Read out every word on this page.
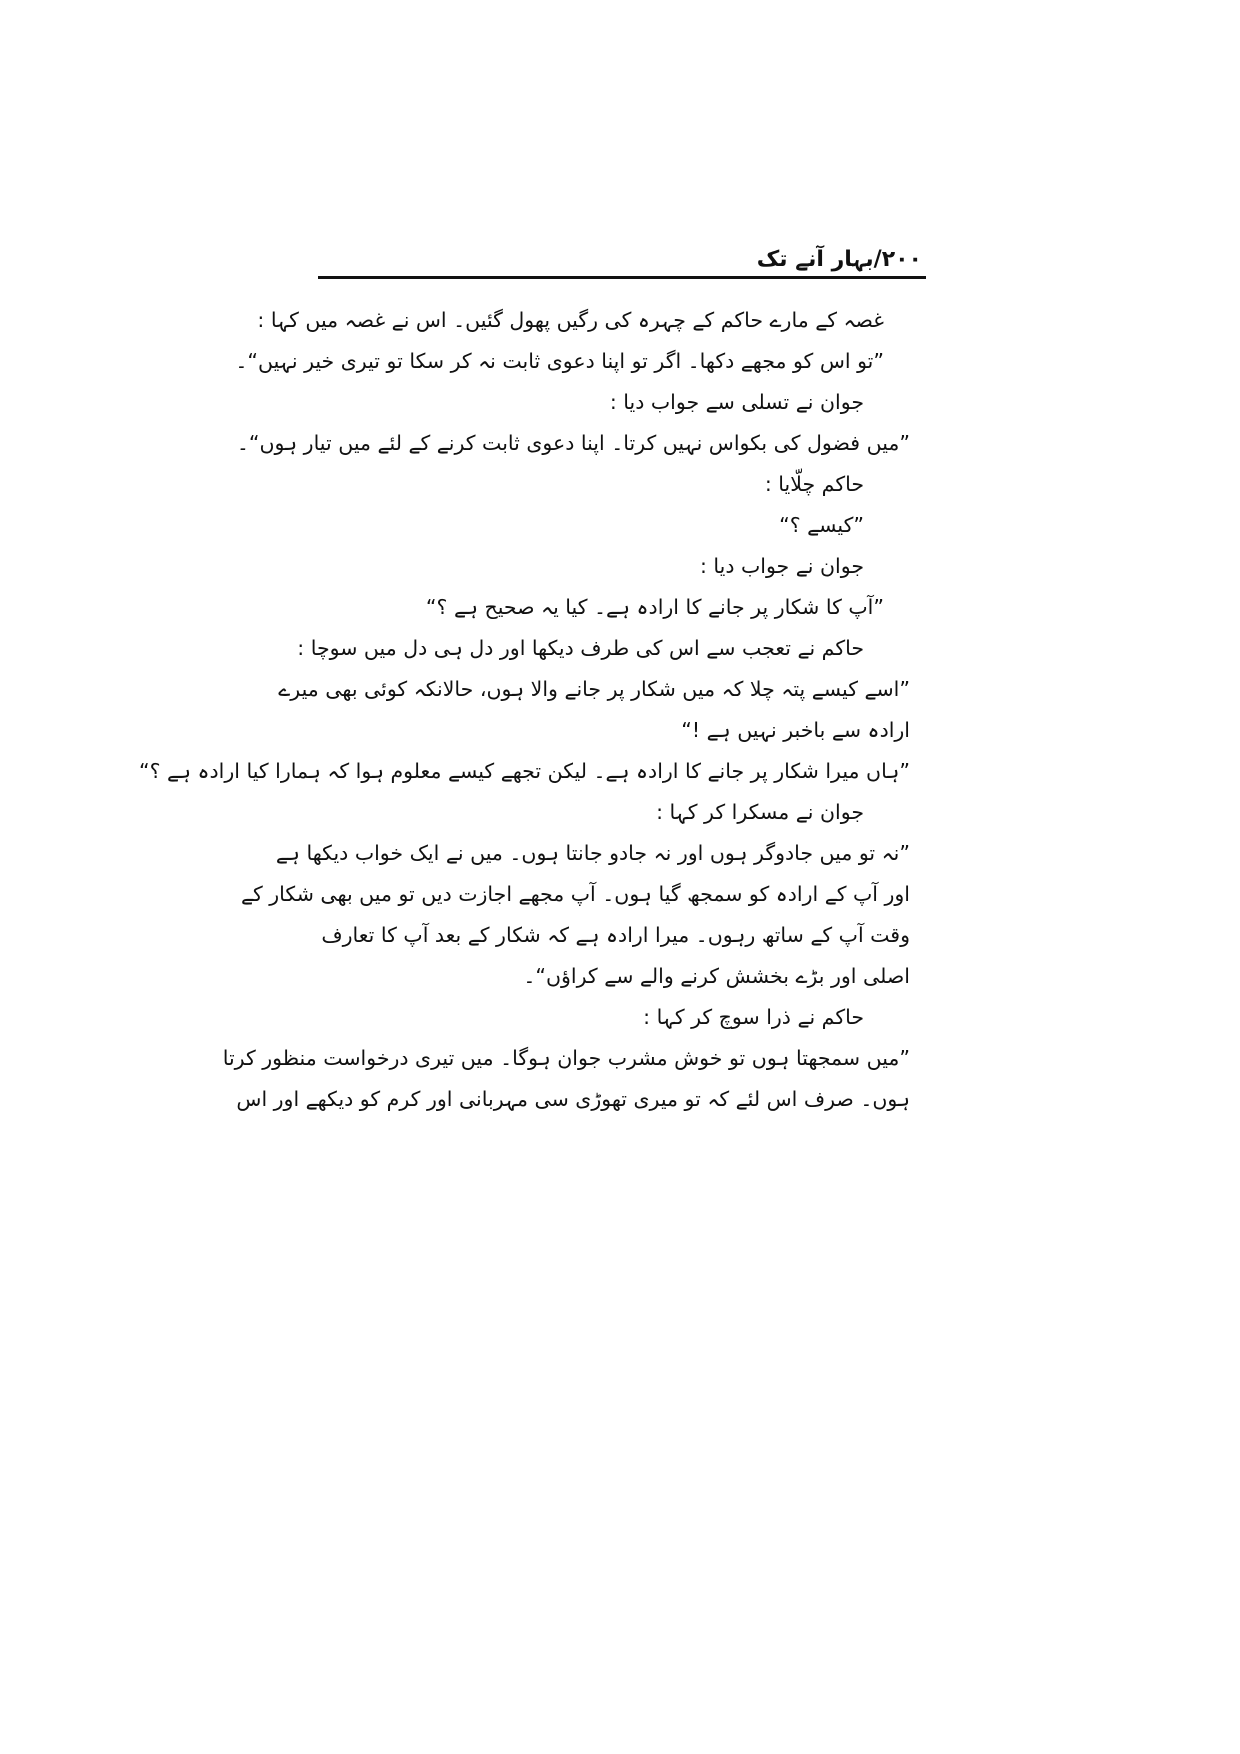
۲۰۰/بہار آنے تک
غصہ کے مارے حاکم کے چہرہ کی رگیں پھول گئیں۔ اس نے غصہ میں کہا :
”تو اس کو مجھے دکھا۔ اگر تو اپنا دعوی ثابت نہ کر سکا تو تیری خیر نہیں“۔
جوان نے تسلی سے جواب دیا :
”میں فضول کی بکواس نہیں کرتا۔ اپنا دعوی ثابت کرنے کے لئے میں تیار ہوں“۔
حاکم چلّایا :
”کیسے ؟“
جوان نے جواب دیا :
”آپ کا شکار پر جانے کا ارادہ ہے۔ کیا یہ صحیح ہے ؟“
حاکم نے تعجب سے اس کی طرف دیکھا اور دل ہی دل میں سوچا :
”اسے کیسے پتہ چلا کہ میں شکار پر جانے والا ہوں، حالانکہ کوئی بھی میرے
ارادہ سے باخبر نہیں ہے !“
”ہاں میرا شکار پر جانے کا ارادہ ہے۔ لیکن تجھے کیسے معلوم ہوا کہ ہمارا کیا ارادہ ہے ؟“
جوان نے مسکرا کر کہا :
”نہ تو میں جادوگر ہوں اور نہ جادو جانتا ہوں۔ میں نے ایک خواب دیکھا ہے
اور آپ کے ارادہ کو سمجھ گیا ہوں۔ آپ مجھے اجازت دیں تو میں بھی شکار کے
وقت آپ کے ساتھ رہوں۔ میرا ارادہ ہے کہ شکار کے بعد آپ کا تعارف
اصلی اور بڑے بخشش کرنے والے سے کراؤں“۔
حاکم نے ذرا سوچ کر کہا :
”میں سمجھتا ہوں تو خوش مشرب جوان ہوگا۔ میں تیری درخواست منظور کرتا
ہوں۔ صرف اس لئے کہ تو میری تھوڑی سی مہربانی اور کرم کو دیکھے اور اس
